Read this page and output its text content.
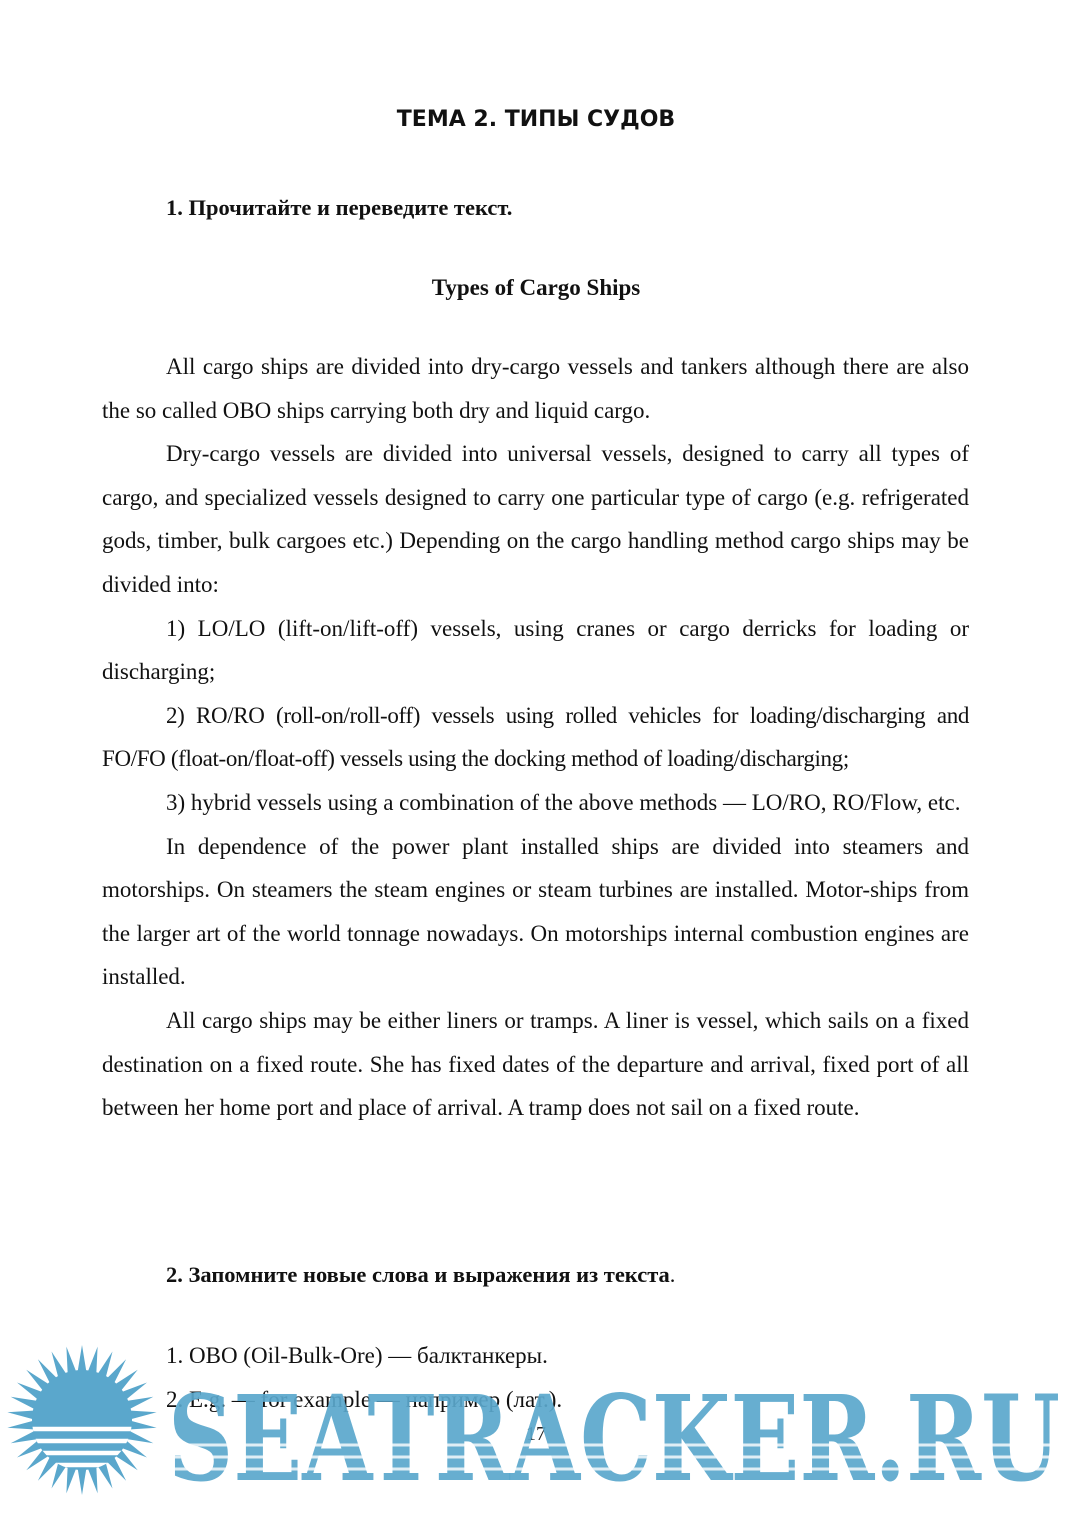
ТЕМА 2. ТИПЫ СУДОВ

1. Прочитайте и переведите текст.

Types of Cargo Ships

All cargo ships are divided into dry-cargo vessels and tankers although there are also the so called OBO ships carrying both dry and liquid cargo.

Dry-cargo vessels are divided into universal vessels, designed to carry all types of cargo, and specialized vessels designed to carry one particular type of cargo (e.g. refrigerated gods, timber, bulk cargoes etc.) Depending on the cargo handling method cargo ships may be divided into:

1) LO/LO (lift-on/lift-off) vessels, using cranes or cargo derricks for loading or discharging;

2) RO/RO (roll-on/roll-off) vessels using rolled vehicles for loading/discharging and FO/FO (float-on/float-off) vessels using the docking method of loading/discharging;

3) hybrid vessels using a combination of the above methods — LO/RO, RO/Flow, etc.

In dependence of the power plant installed ships are divided into steamers and motorships. On steamers the steam engines or steam turbines are installed. Motor-ships from the larger art of the world tonnage nowadays. On motorships internal combustion engines are installed.

All cargo ships may be either liners or tramps. A liner is vessel, which sails on a fixed destination on a fixed route. She has fixed dates of the departure and arrival, fixed port of all between her home port and place of arrival. A tramp does not sail on a fixed route.

2. Запомните новые слова и выражения из текста.

1. OBO (Oil-Bulk-Ore) — балктанкеры.

2. E.g. — for example — например (лат.).

17

SEATRACKER.RU
